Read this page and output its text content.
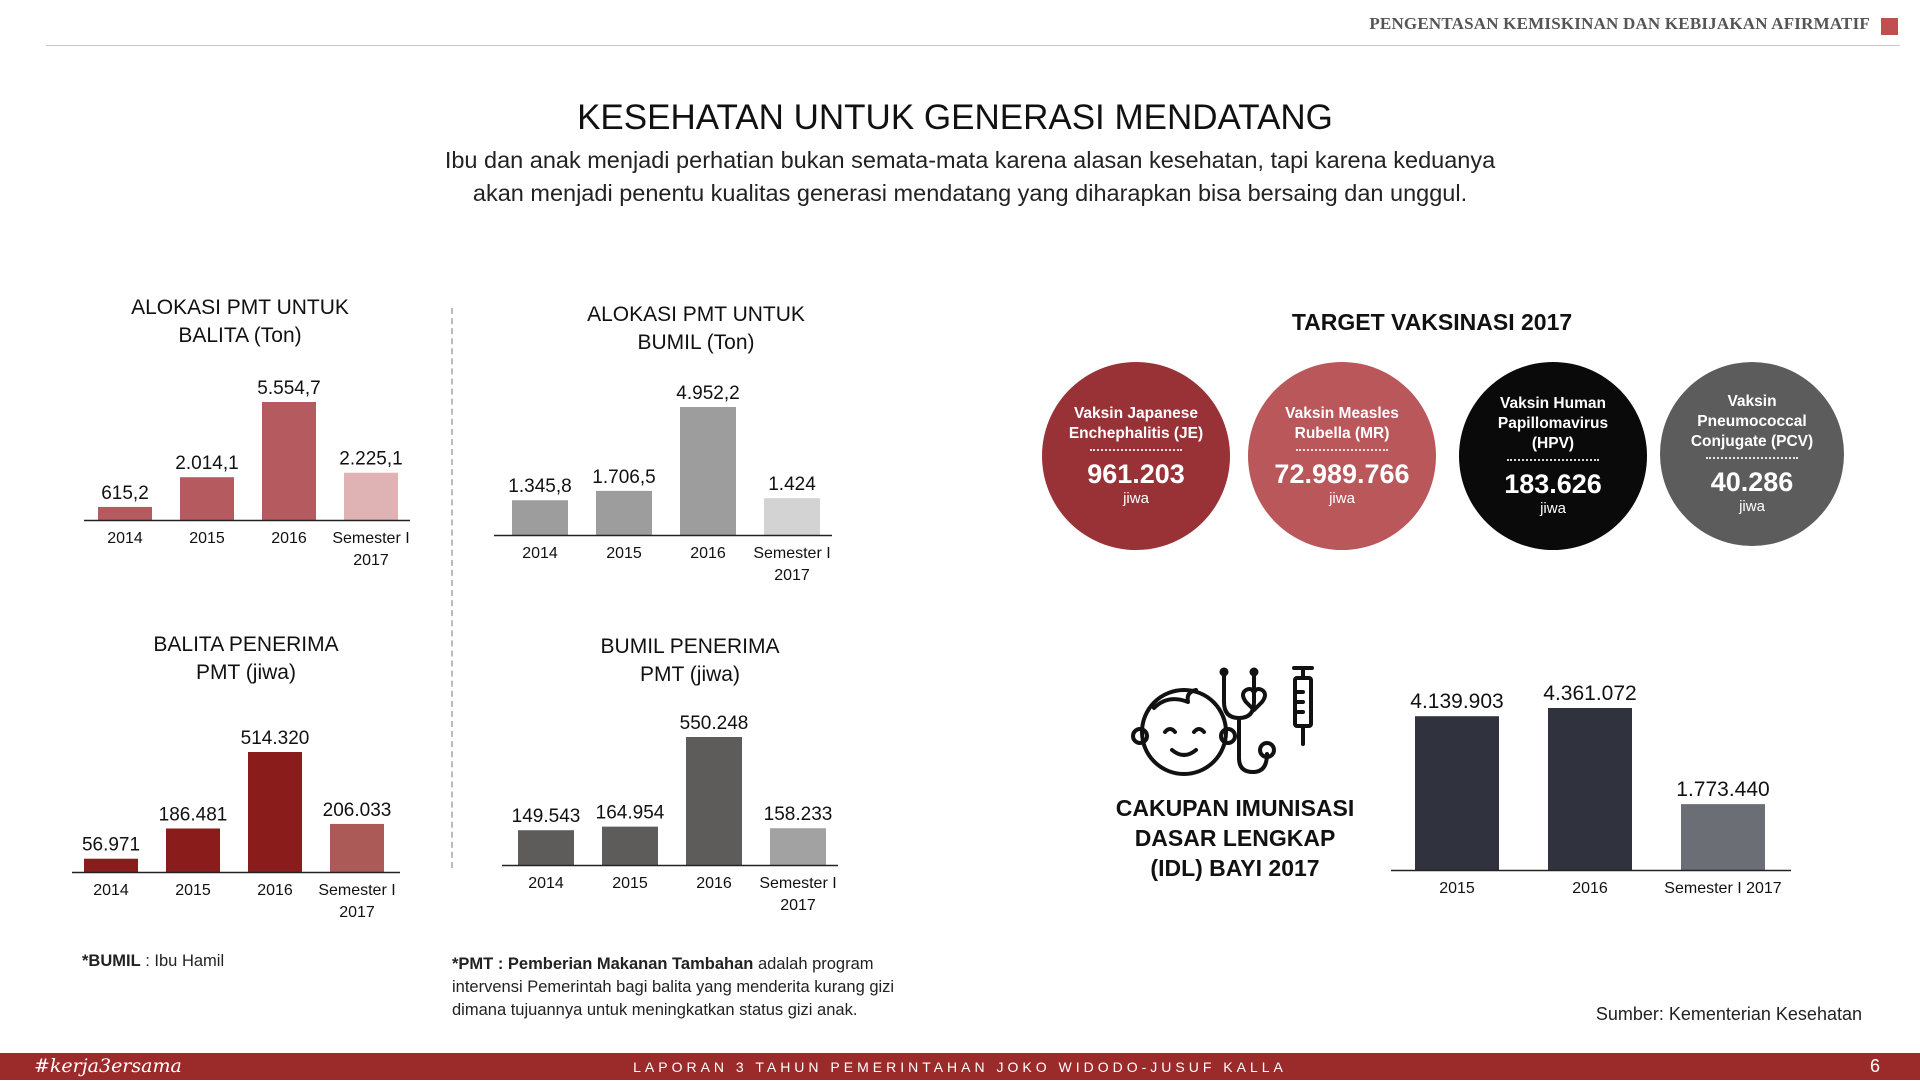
PENGENTASAN KEMISKINAN DAN KEBIJAKAN AFIRMATIF
KESEHATAN UNTUK GENERASI MENDATANG
Ibu dan anak menjadi perhatian bukan semata-mata karena alasan kesehatan, tapi karena keduanya
akan menjadi penentu kualitas generasi mendatang yang diharapkan bisa bersaing dan unggul.
ALOKASI PMT UNTUK
BALITA (Ton)
ALOKASI PMT UNTUK
BUMIL (Ton)
BALITA PENERIMA
PMT (jiwa)
BUMIL PENERIMA
PMT (jiwa)
615,2
2014
2.014,1
2015
5.554,7
2016
2.225,1
Semester I
2017
1.345,8
2014
1.706,5
2015
4.952,2
2016
1.424
Semester I
2017
56.971
2014
186.481
2015
514.320
2016
206.033
Semester I
2017
149.543
2014
164.954
2015
550.248
2016
158.233
Semester I
2017
4.139.903
2015
4.361.072
2016
1.773.440
Semester I 2017
TARGET VAKSINASI 2017
Vaksin Japanese
Enchephalitis (JE)
961.203
jiwa
Vaksin Measles
Rubella (MR)
72.989.766
jiwa
Vaksin Human
Papillomavirus
(HPV)
183.626
jiwa
Vaksin
Pneumococcal
Conjugate (PCV)
40.286
jiwa
CAKUPAN IMUNISASI
DASAR LENGKAP
(IDL) BAYI 2017
*BUMIL : Ibu Hamil	*PMT : Pemberian Makanan Tambahan adalah program
intervensi Pemerintah bagi balita yang menderita kurang gizi
dimana tujuannya untuk meningkatkan status gizi anak.	Sumber: Kementerian Kesehatan
#kerja3ersama	LAPORAN 3 TAHUN PEMERINTAHAN JOKO WIDODO-JUSUF KALLA	6
